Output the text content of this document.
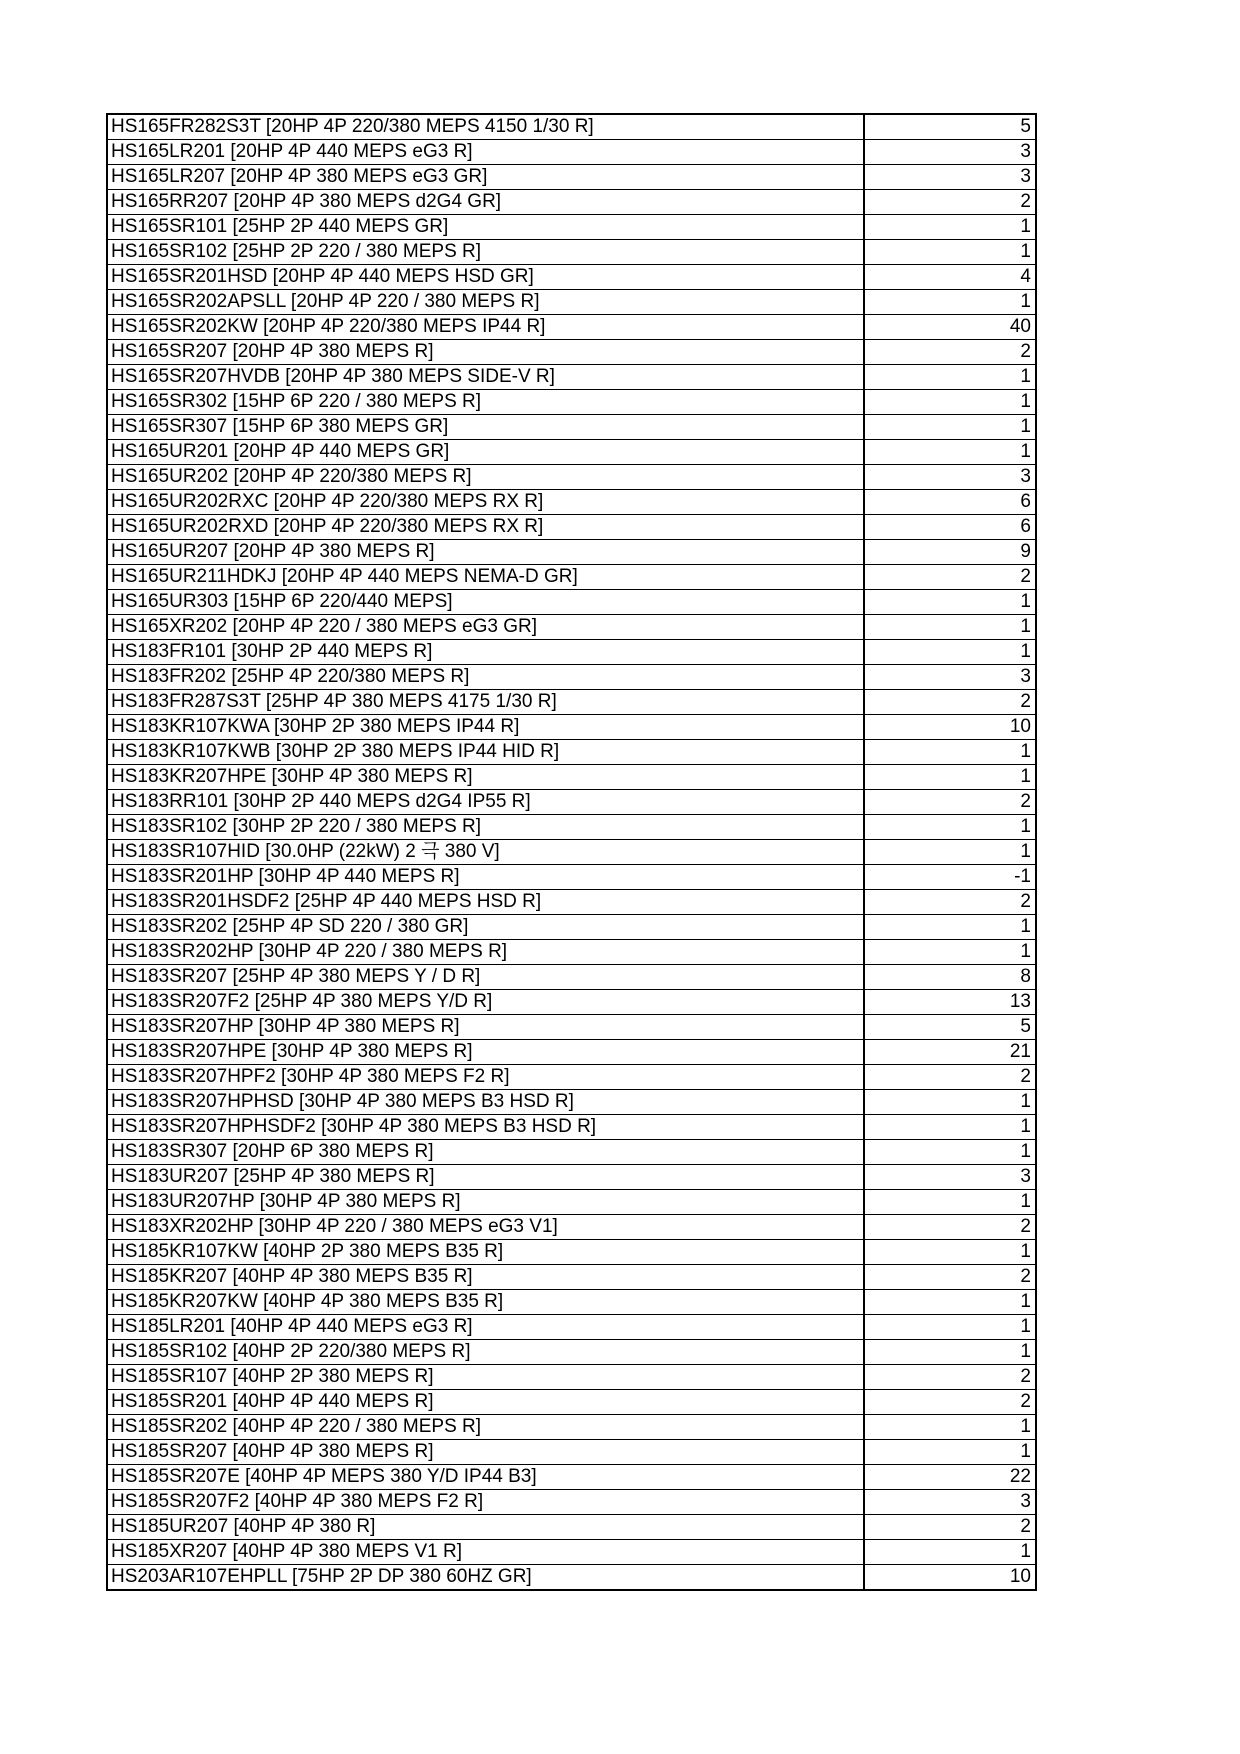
HS165FR282S3T [20HP 4P 220/380 MEPS 4150 1/30 R]	5
HS165LR201 [20HP 4P 440 MEPS eG3 R]	3
HS165LR207 [20HP 4P 380 MEPS eG3 GR]	3
HS165RR207 [20HP 4P 380 MEPS d2G4 GR]	2
HS165SR101 [25HP 2P 440 MEPS GR]	1
HS165SR102 [25HP 2P 220 / 380 MEPS R]	1
HS165SR201HSD [20HP 4P 440 MEPS HSD GR]	4
HS165SR202APSLL [20HP 4P 220 / 380 MEPS R]	1
HS165SR202KW [20HP 4P 220/380 MEPS IP44 R]	40
HS165SR207 [20HP 4P 380 MEPS R]	2
HS165SR207HVDB [20HP 4P 380 MEPS SIDE-V R]	1
HS165SR302 [15HP 6P 220 / 380 MEPS R]	1
HS165SR307 [15HP 6P 380 MEPS GR]	1
HS165UR201 [20HP 4P 440 MEPS GR]	1
HS165UR202 [20HP 4P 220/380 MEPS R]	3
HS165UR202RXC [20HP 4P 220/380 MEPS RX R]	6
HS165UR202RXD [20HP 4P 220/380 MEPS RX R]	6
HS165UR207 [20HP 4P 380 MEPS R]	9
HS165UR211HDKJ [20HP 4P 440 MEPS NEMA-D GR]	2
HS165UR303 [15HP 6P 220/440 MEPS]	1
HS165XR202 [20HP 4P 220 / 380 MEPS eG3 GR]	1
HS183FR101 [30HP 2P 440 MEPS R]	1
HS183FR202 [25HP 4P 220/380 MEPS R]	3
HS183FR287S3T [25HP 4P 380 MEPS 4175 1/30 R]	2
HS183KR107KWA [30HP 2P 380 MEPS IP44 R]	10
HS183KR107KWB [30HP 2P 380 MEPS IP44 HID R]	1
HS183KR207HPE [30HP 4P 380 MEPS R]	1
HS183RR101 [30HP 2P 440 MEPS d2G4 IP55 R]	2
HS183SR102 [30HP 2P 220 / 380 MEPS R]	1
HS183SR107HID [30.0HP (22kW) 2 극 380 V]	1
HS183SR201HP [30HP 4P 440 MEPS R]	-1
HS183SR201HSDF2 [25HP 4P 440 MEPS HSD R]	2
HS183SR202 [25HP 4P SD 220 / 380 GR]	1
HS183SR202HP [30HP 4P 220 / 380 MEPS R]	1
HS183SR207 [25HP 4P 380 MEPS Y / D R]	8
HS183SR207F2 [25HP 4P 380 MEPS Y/D R]	13
HS183SR207HP [30HP 4P 380 MEPS R]	5
HS183SR207HPE [30HP 4P 380 MEPS R]	21
HS183SR207HPF2 [30HP 4P 380 MEPS F2 R]	2
HS183SR207HPHSD [30HP 4P 380 MEPS B3 HSD R]	1
HS183SR207HPHSDF2 [30HP 4P 380 MEPS B3 HSD R]	1
HS183SR307 [20HP 6P 380 MEPS R]	1
HS183UR207 [25HP 4P 380 MEPS R]	3
HS183UR207HP [30HP 4P 380 MEPS R]	1
HS183XR202HP [30HP 4P 220 / 380 MEPS eG3 V1]	2
HS185KR107KW [40HP 2P 380 MEPS B35 R]	1
HS185KR207 [40HP 4P 380 MEPS B35 R]	2
HS185KR207KW [40HP 4P 380 MEPS B35 R]	1
HS185LR201 [40HP 4P 440 MEPS eG3 R]	1
HS185SR102 [40HP 2P 220/380 MEPS R]	1
HS185SR107 [40HP 2P 380 MEPS R]	2
HS185SR201 [40HP 4P 440 MEPS R]	2
HS185SR202 [40HP 4P 220 / 380 MEPS R]	1
HS185SR207 [40HP 4P 380 MEPS R]	1
HS185SR207E [40HP 4P MEPS 380 Y/D IP44 B3]	22
HS185SR207F2 [40HP 4P 380 MEPS F2 R]	3
HS185UR207 [40HP 4P 380 R]	2
HS185XR207 [40HP 4P 380 MEPS V1 R]	1
HS203AR107EHPLL [75HP 2P DP 380 60HZ GR]	10
